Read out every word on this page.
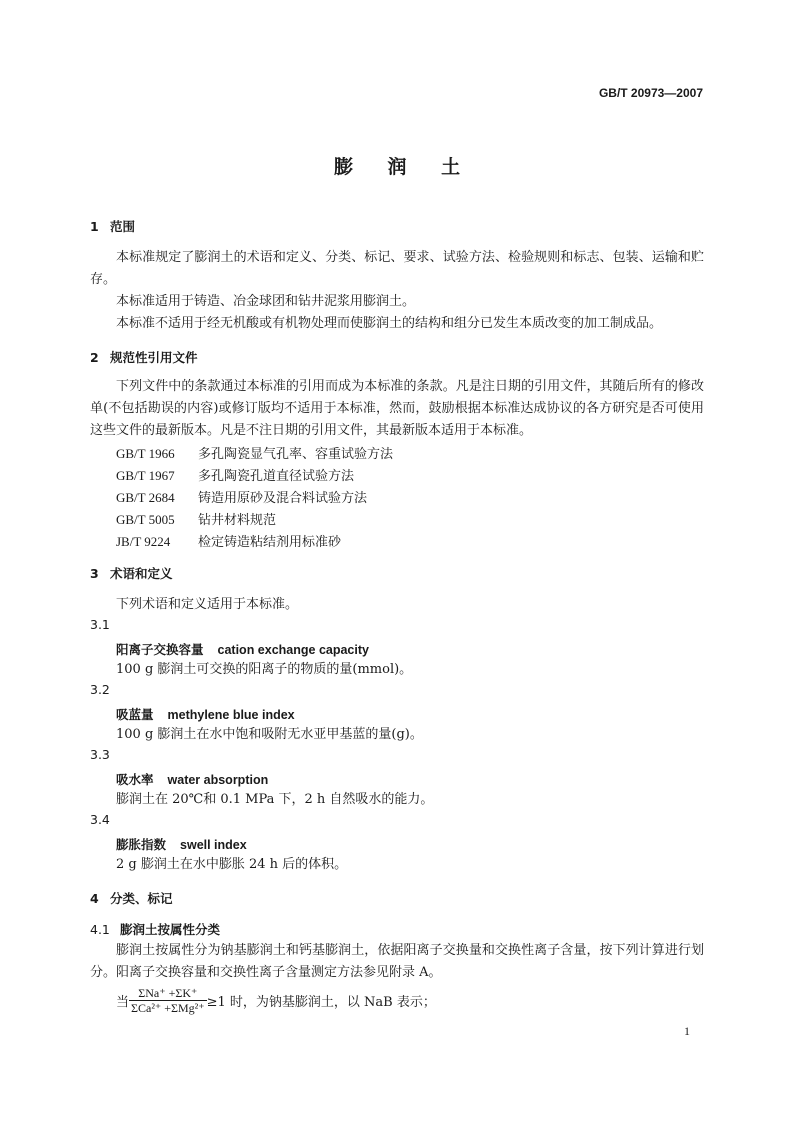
GB/T 20973—2007
膨 润 土
1 范围
本标准规定了膨润土的术语和定义、分类、标记、要求、试验方法、检验规则和标志、包装、运输和贮存。
本标准适用于铸造、冶金球团和钻井泥浆用膨润土。
本标准不适用于经无机酸或有机物处理而使膨润土的结构和组分已发生本质改变的加工制成品。
2 规范性引用文件
下列文件中的条款通过本标准的引用而成为本标准的条款。凡是注日期的引用文件，其随后所有的修改单(不包括勘误的内容)或修订版均不适用于本标准，然而，鼓励根据本标准达成协议的各方研究是否可使用这些文件的最新版本。凡是不注日期的引用文件，其最新版本适用于本标准。
GB/T 1966 多孔陶瓷显气孔率、容重试验方法
GB/T 1967 多孔陶瓷孔道直径试验方法
GB/T 2684 铸造用原砂及混合料试验方法
GB/T 5005 钻井材料规范
JB/T 9224 检定铸造粘结剂用标准砂
3 术语和定义
下列术语和定义适用于本标准。
3.1
阳离子交换容量 cation exchange capacity
100 g 膨润土可交换的阳离子的物质的量(mmol)。
3.2
吸蓝量 methylene blue index
100 g 膨润土在水中饱和吸附无水亚甲基蓝的量(g)。
3.3
吸水率 water absorption
膨润土在 20℃和 0.1 MPa 下，2 h 自然吸水的能力。
3.4
膨胀指数 swell index
2 g 膨润土在水中膨胀 24 h 后的体积。
4 分类、标记
4.1 膨润土按属性分类
膨润土按属性分为钠基膨润土和钙基膨润土，依据阳离子交换量和交换性离子含量，按下列计算进行划分。阳离子交换容量和交换性离子含量测定方法参见附录 A。
当 $\frac{\text{ΣNa⁺ +ΣK⁺}}{\text{ΣCa²⁺ +ΣMg²⁺}} \ge 1$ 时，为钠基膨润土，以 NaB 表示；
1
